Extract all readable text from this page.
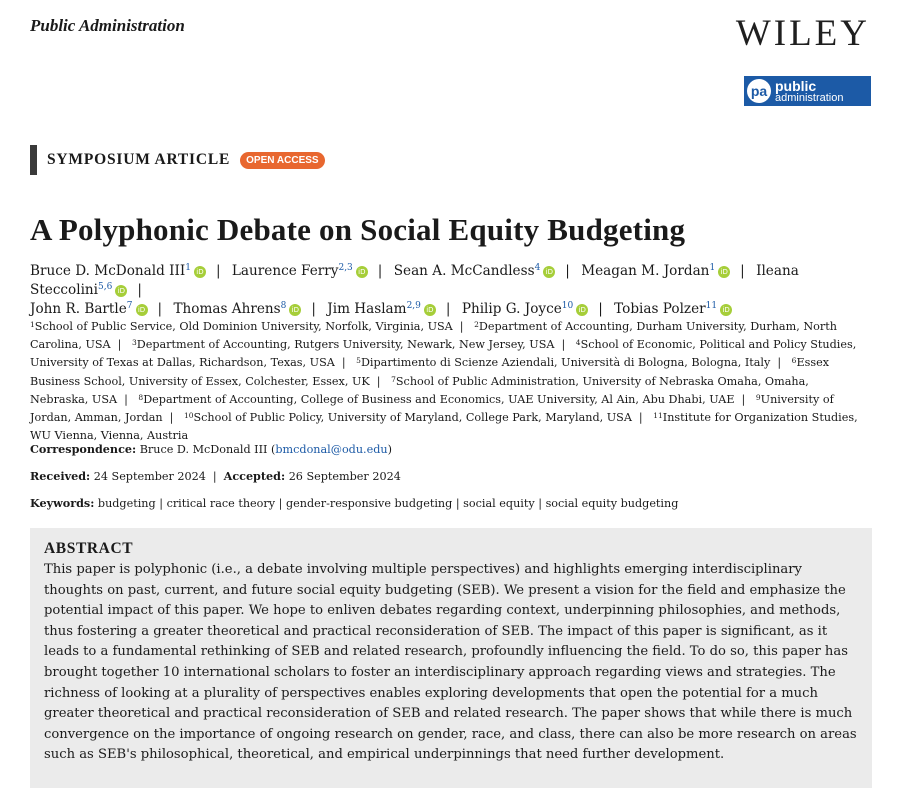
Public Administration	WILEY
pa public
administration
SYMPOSIUM ARTICLE	OPEN ACCESS
A Polyphonic Debate on Social Equity Budgeting
Bruce D. McDonald III$^1$ iD | Laurence Ferry$^{2,3}$ iD | Sean A. McCandless$^4$ iD | Meagan M. Jordan$^1$ iD | Ileana Steccolini$^{5,6}$ iD |
John R. Bartle$^7$ iD | Thomas Ahrens$^8$ iD | Jim Haslam$^{2,9}$ iD | Philip G. Joyce$^{10}$ iD | Tobias Polzer$^{11}$ iD
$^1$School of Public Service, Old Dominion University, Norfolk, Virginia, USA | $^2$Department of Accounting, Durham University, Durham, North Carolina, USA | $^3$Department of Accounting, Rutgers University, Newark, New Jersey, USA | $^4$School of Economic, Political and Policy Studies, University of Texas at Dallas, Richardson, Texas, USA | $^5$Dipartimento di Scienze Aziendali, Università di Bologna, Bologna, Italy | $^6$Essex Business School, University of Essex, Colchester, Essex, UK | $^7$School of Public Administration, University of Nebraska Omaha, Omaha, Nebraska, USA | $^8$Department of Accounting, College of Business and Economics, UAE University, Al Ain, Abu Dhabi, UAE | $^9$University of Jordan, Amman, Jordan | $^{10}$School of Public Policy, University of Maryland, College Park, Maryland, USA | $^{11}$Institute for Organization Studies, WU Vienna, Vienna, Austria
Correspondence: Bruce D. McDonald III (bmcdonal@odu.edu)
Received: 24 September 2024 | Accepted: 26 September 2024
Keywords: budgeting | critical race theory | gender-responsive budgeting | social equity | social equity budgeting
ABSTRACT

This paper is polyphonic (i.e., a debate involving multiple perspectives) and highlights emerging interdisciplinary thoughts on past, current, and future social equity budgeting (SEB). We present a vision for the field and emphasize the potential impact of this paper. We hope to enliven debates regarding context, underpinning philosophies, and methods, thus fostering a greater theoretical and practical reconsideration of SEB. The impact of this paper is significant, as it leads to a fundamental rethinking of SEB and related research, profoundly influencing the field. To do so, this paper has brought together 10 international scholars to foster an interdisciplinary approach regarding views and strategies. The richness of looking at a plurality of perspectives enables exploring developments that open the potential for a much greater theoretical and practical reconsideration of SEB and related research. The paper shows that while there is much convergence on the importance of ongoing research on gender, race, and class, there can also be more research on areas such as SEB's philosophical, theoretical, and empirical underpinnings that need further development.
